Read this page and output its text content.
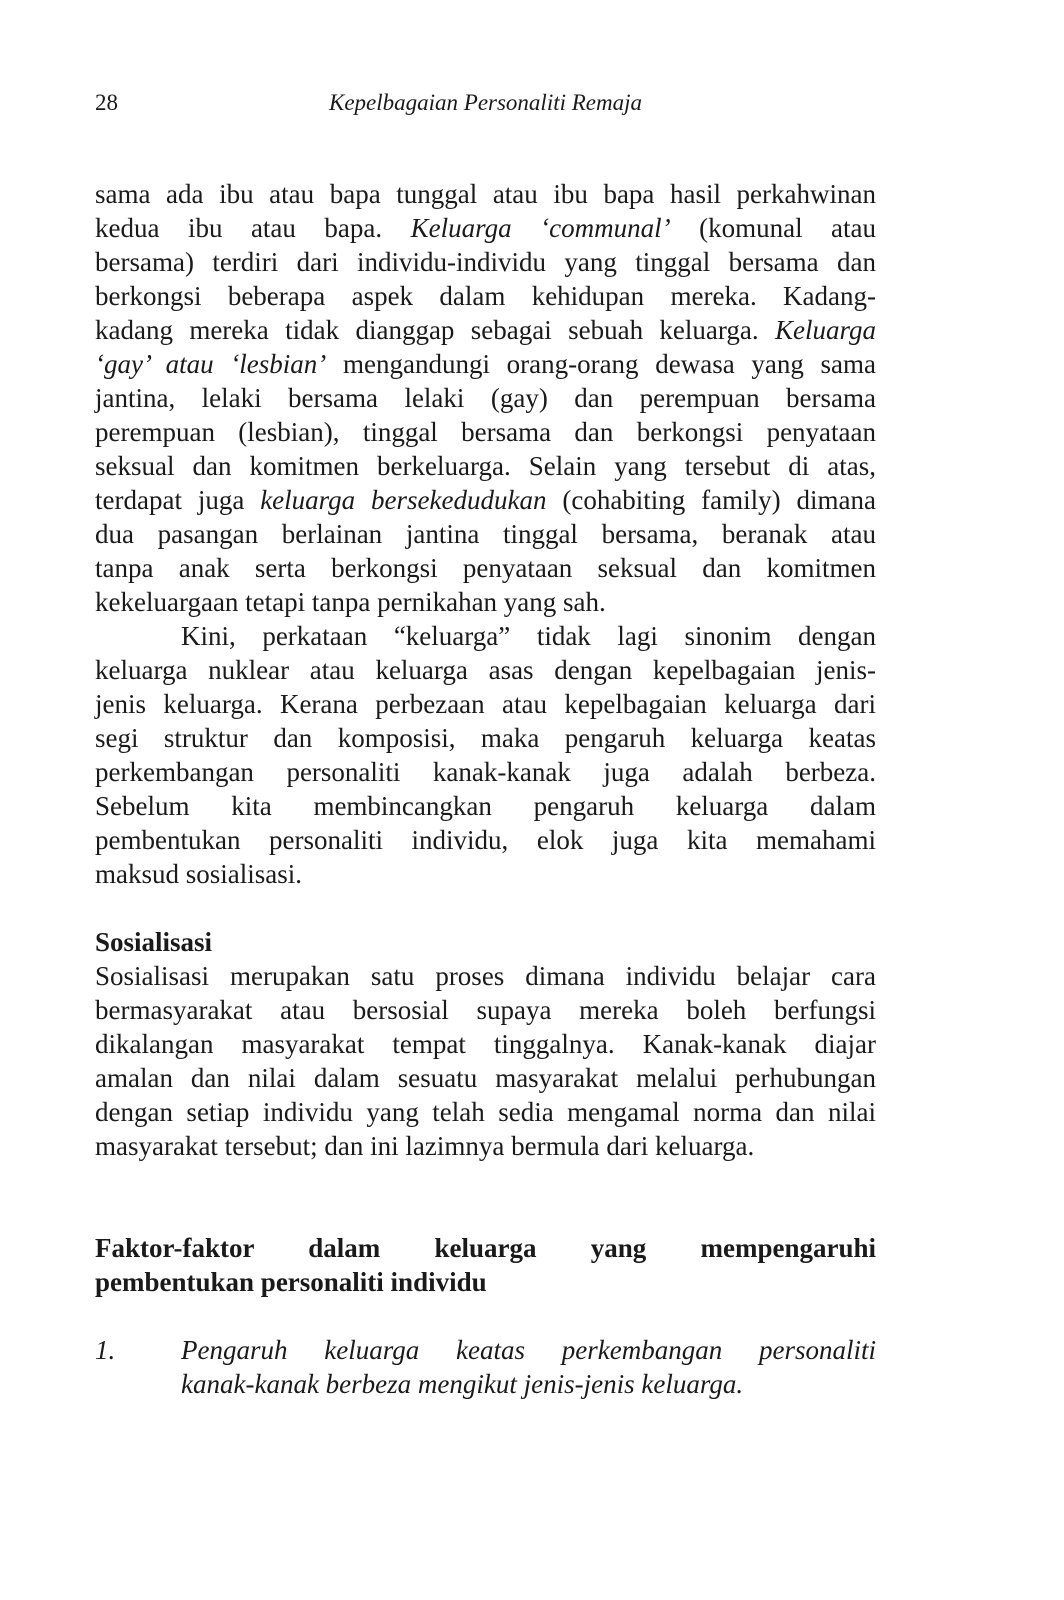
28	Kepelbagaian Personaliti Remaja
sama ada ibu atau bapa tunggal atau ibu bapa hasil perkahwinan
kedua ibu atau bapa. Keluarga ‘communal’ (komunal atau
bersama) terdiri dari individu-individu yang tinggal bersama dan
berkongsi beberapa aspek dalam kehidupan mereka. Kadang-
kadang mereka tidak dianggap sebagai sebuah keluarga. Keluarga
‘gay’ atau ‘lesbian’ mengandungi orang-orang dewasa yang sama
jantina, lelaki bersama lelaki (gay) dan perempuan bersama
perempuan (lesbian), tinggal bersama dan berkongsi penyataan
seksual dan komitmen berkeluarga. Selain yang tersebut di atas,
terdapat juga keluarga bersekedudukan (cohabiting family) dimana
dua pasangan berlainan jantina tinggal bersama, beranak atau
tanpa anak serta berkongsi penyataan seksual dan komitmen
kekeluargaan tetapi tanpa pernikahan yang sah.
Kini, perkataan “keluarga” tidak lagi sinonim dengan
keluarga nuklear atau keluarga asas dengan kepelbagaian jenis-
jenis keluarga. Kerana perbezaan atau kepelbagaian keluarga dari
segi struktur dan komposisi, maka pengaruh keluarga keatas
perkembangan personaliti kanak-kanak juga adalah berbeza.
Sebelum kita membincangkan pengaruh keluarga dalam
pembentukan personaliti individu, elok juga kita memahami
maksud sosialisasi.
Sosialisasi
Sosialisasi merupakan satu proses dimana individu belajar cara
bermasyarakat atau bersosial supaya mereka boleh berfungsi
dikalangan masyarakat tempat tinggalnya. Kanak-kanak diajar
amalan dan nilai dalam sesuatu masyarakat melalui perhubungan
dengan setiap individu yang telah sedia mengamal norma dan nilai
masyarakat tersebut; dan ini lazimnya bermula dari keluarga.
Faktor-faktor dalam keluarga yang mempengaruhi
pembentukan personaliti individu
1. Pengaruh keluarga keatas perkembangan personaliti
kanak-kanak berbeza mengikut jenis-jenis keluarga.
